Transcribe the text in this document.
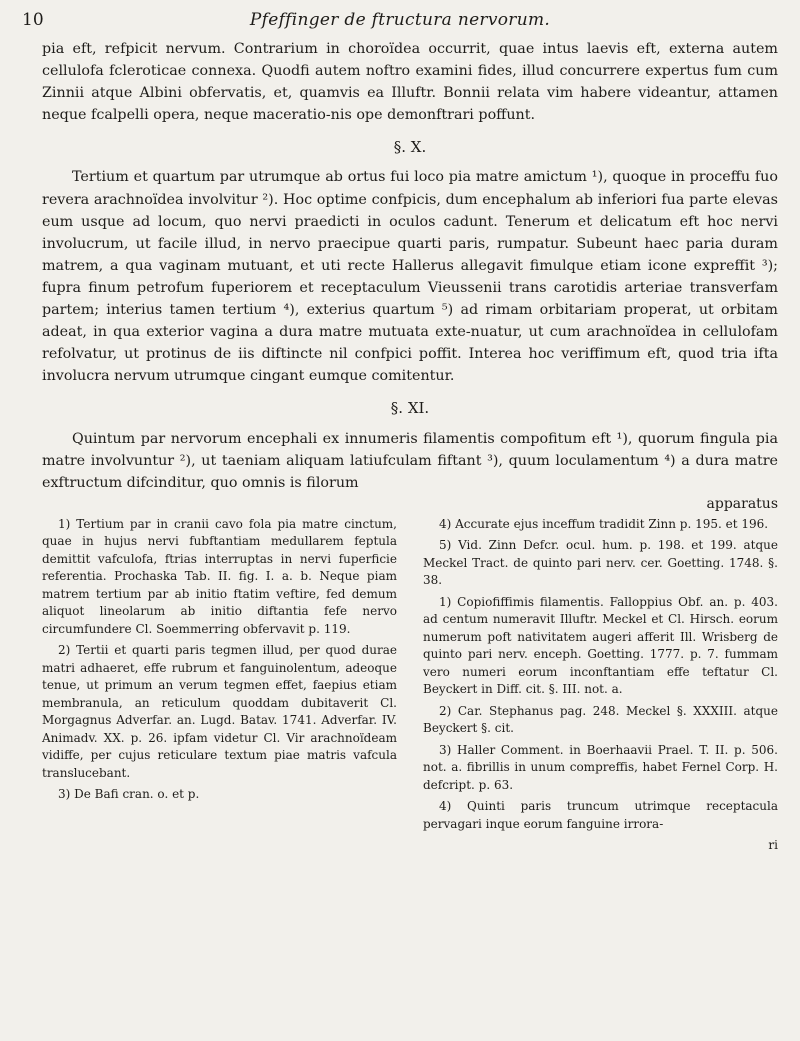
10	Pfeffinger de ftructura nervorum.

pia eft, refpicit nervum. Contrarium in choroïdea occurrit, quae intus laevis eft, externa autem cellulofa fcleroticae connexa. Quodfi autem noftro examini fides, illud concurrere expertus fum cum Zinnii atque Albini obfervatis, et, quamvis ea Illuftr. Bonnii relata vim habere videantur, attamen neque fcalpelli opera, neque maceratio-nis ope demonftrari poffunt.

§. X.

Tertium et quartum par utrumque ab ortus fui loco pia matre amictum ¹), quoque in proceffu fuo revera arachnoïdea involvitur ²). Hoc optime confpicis, dum encephalum ab inferiori fua parte elevas eum usque ad locum, quo nervi praedicti in oculos cadunt. Tenerum et delicatum eft hoc nervi involucrum, ut facile illud, in nervo praecipue quarti paris, rumpatur. Subeunt haec paria duram matrem, a qua vaginam mutuant, et uti recte Hallerus allegavit fimulque etiam icone expreffit ³); fupra finum petrofum fuperiorem et receptaculum Vieussenii trans carotidis arteriae transverfam partem; interius tamen tertium ⁴), exterius quartum ⁵) ad rimam orbitariam properat, ut orbitam adeat, in qua exterior vagina a dura matre mutuata exte-nuatur, ut cum arachnoïdea in cellulofam refolvatur, ut protinus de iis diftincte nil confpici poffit. Interea hoc veriffimum eft, quod tria ifta involucra nervum utrumque cingant eumque comitentur.

§. XI.

Quintum par nervorum encephali ex innumeris filamentis compofitum eft ¹), quorum fingula pia matre involvuntur ²), ut taeniam aliquam latiufculam fiftant ³), quum loculamentum ⁴) a dura matre exftructum difcinditur, quo omnis is filorum

apparatus

1) Tertium par in cranii cavo fola pia matre cinctum, quae in hujus nervi fubftantiam medullarem feptula demittit vafculofa, ftrias interruptas in nervi fuperficie referentia. Prochaska Tab. II. fig. I. a. b. Neque piam matrem tertium par ab initio ftatim veftire, fed demum aliquot lineolarum ab initio diftantia fefe nervo circumfundere Cl. Soemmerring obfervavit p. 119.

2) Tertii et quarti paris tegmen illud, per quod durae matri adhaeret, effe rubrum et fanguinolentum, adeoque tenue, ut primum an verum tegmen effet, faepius etiam membranula, an reticulum quoddam dubitaverit Cl. Morgagnus Adverfar. an. Lugd. Batav. 1741. Adverfar. IV. Animadv. XX. p. 26. ipfam videtur Cl. Vir arachnoïdeam vidiffe, per cujus reticulare textum piae matris vafcula translucebant.

3) De Bafi cran. o. et p.

4) Accurate ejus inceffum tradidit Zinn p. 195. et 196.

5) Vid. Zinn Defcr. ocul. hum. p. 198. et 199. atque Meckel Tract. de quinto pari nerv. cer. Goetting. 1748. §. 38.

1) Copiofiffimis filamentis. Falloppius Obf. an. p. 403. ad centum numeravit Illuftr. Meckel et Cl. Hirsch. eorum numerum poft nativitatem augeri afferit Ill. Wrisberg de quinto pari nerv. enceph. Goetting. 1777. p. 7. fummam vero numeri eorum inconftantiam effe teftatur Cl. Beyckert in Diff. cit. §. III. not. a.

2) Car. Stephanus pag. 248. Meckel §. XXXIII. atque Beyckert §. cit.

3) Haller Comment. in Boerhaavii Prael. T. II. p. 506. not. a. fibrillis in unum compreffis, habet Fernel Corp. H. defcript. p. 63.

4) Quinti paris truncum utrimque receptacula pervagari inque eorum fanguine irrora-

ri
